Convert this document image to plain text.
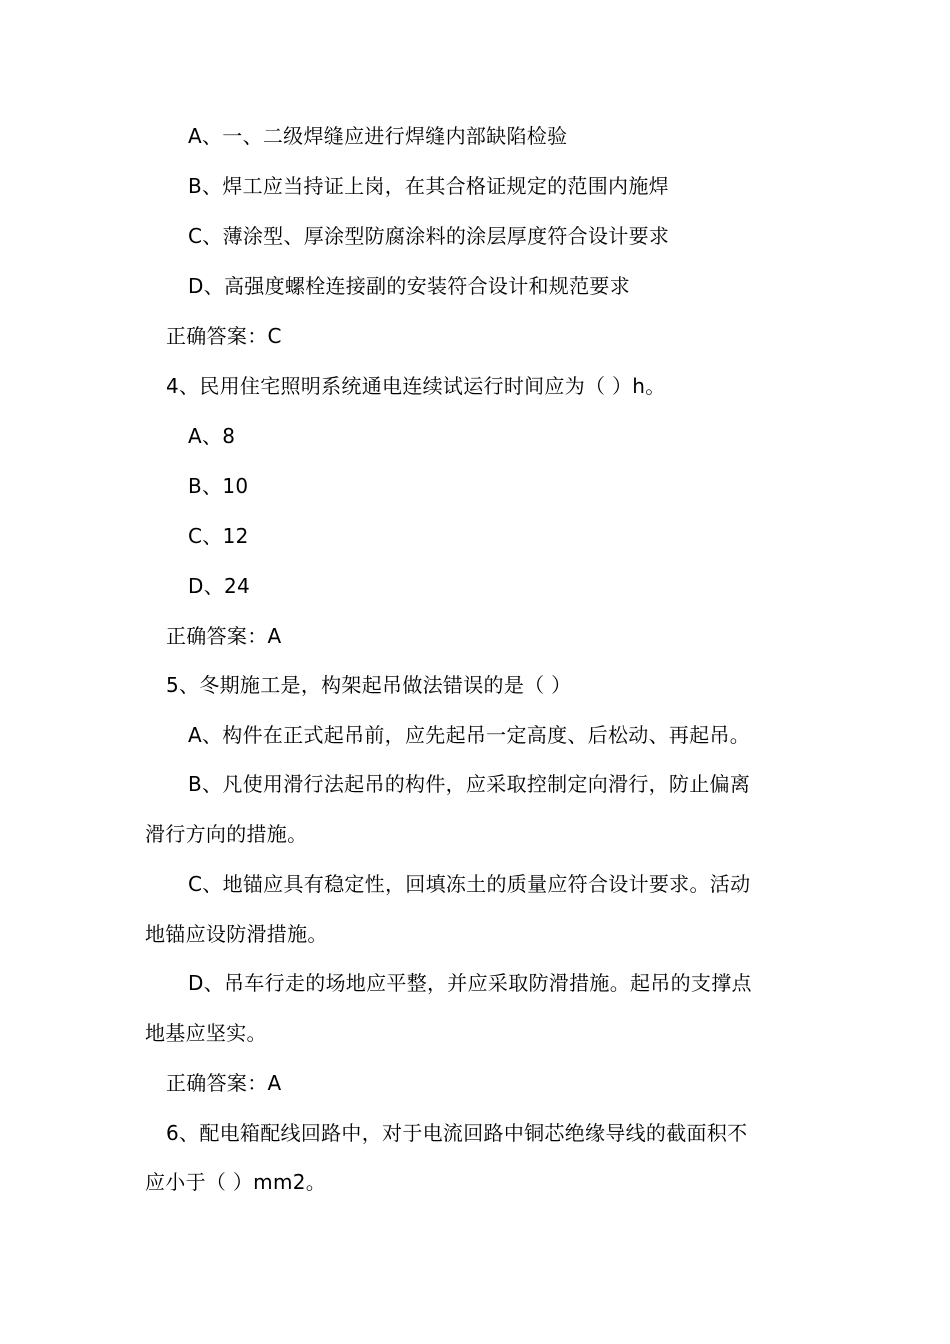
A、一、二级焊缝应进行焊缝内部缺陷检验
B、焊工应当持证上岗，在其合格证规定的范围内施焊
C、薄涂型、厚涂型防腐涂料的涂层厚度符合设计要求
D、高强度螺栓连接副的安装符合设计和规范要求
正确答案：C
4、民用住宅照明系统通电连续试运行时间应为（ ）h。
A、8
B、10
C、12
D、24
正确答案：A
5、冬期施工是，构架起吊做法错误的是（ ）
A、构件在正式起吊前，应先起吊一定高度、后松动、再起吊。
B、凡使用滑行法起吊的构件，应采取控制定向滑行，防止偏离
滑行方向的措施。
C、地锚应具有稳定性，回填冻土的质量应符合设计要求。活动
地锚应设防滑措施。
D、吊车行走的场地应平整，并应采取防滑措施。起吊的支撑点
地基应坚实。
正确答案：A
6、配电箱配线回路中，对于电流回路中铜芯绝缘导线的截面积不
应小于（ ）mm2。
